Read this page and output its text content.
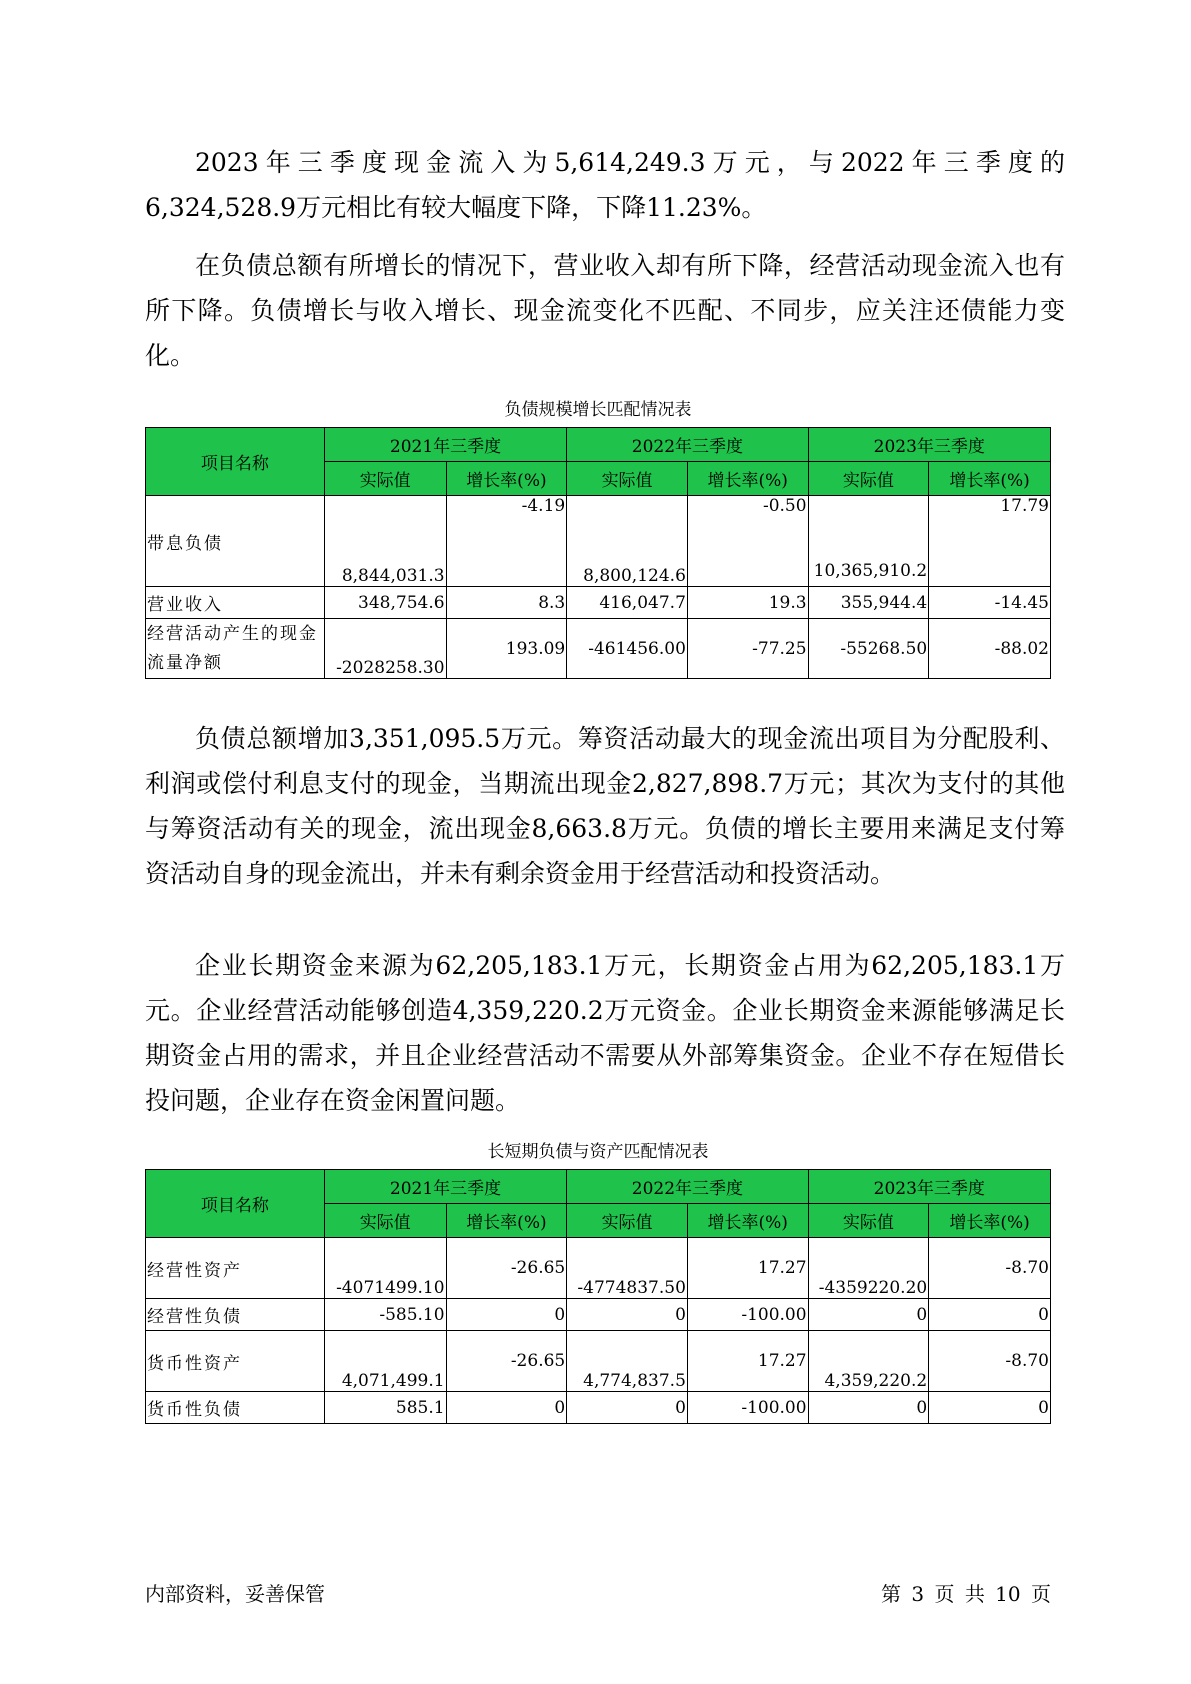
2023年三季度现金流入为5,614,249.3万元，与2022年三季度的6,324,528.9万元相比有较大幅度下降，下降11.23%。

在负债总额有所增长的情况下，营业收入却有所下降，经营活动现金流入也有所下降。负债增长与收入增长、现金流变化不匹配、不同步，应关注还债能力变化。

负债规模增长匹配情况表
项目名称	2021年三季度		2022年三季度		2023年三季度	
	实际值	增长率(%)	实际值	增长率(%)	实际值	增长率(%)
带息负债	8,844,031.3	-4.19	8,800,124.6	-0.50	10,365,910.2	17.79
营业收入	348,754.6	8.3	416,047.7	19.3	355,944.4	-14.45
经营活动产生的现金流量净额	-2028258.30	193.09	-461456.00	-77.25	-55268.50	-88.02

负债总额增加3,351,095.5万元。筹资活动最大的现金流出项目为分配股利、利润或偿付利息支付的现金，当期流出现金2,827,898.7万元；其次为支付的其他与筹资活动有关的现金，流出现金8,663.8万元。负债的增长主要用来满足支付筹资活动自身的现金流出，并未有剩余资金用于经营活动和投资活动。

企业长期资金来源为62,205,183.1万元，长期资金占用为62,205,183.1万元。企业经营活动能够创造4,359,220.2万元资金。企业长期资金来源能够满足长期资金占用的需求，并且企业经营活动不需要从外部筹集资金。企业不存在短借长投问题，企业存在资金闲置问题。

长短期负债与资产匹配情况表
项目名称	2021年三季度		2022年三季度		2023年三季度	
	实际值	增长率(%)	实际值	增长率(%)	实际值	增长率(%)
经营性资产	-4071499.10	-26.65	-4774837.50	17.27	-4359220.20	-8.70
经营性负债	-585.10	0	0	-100.00	0	0
货币性资产	4,071,499.1	-26.65	4,774,837.5	17.27	4,359,220.2	-8.70
货币性负债	585.1	0	0	-100.00	0	0
内部资料，妥善保管	第 3 页 共 10 页
